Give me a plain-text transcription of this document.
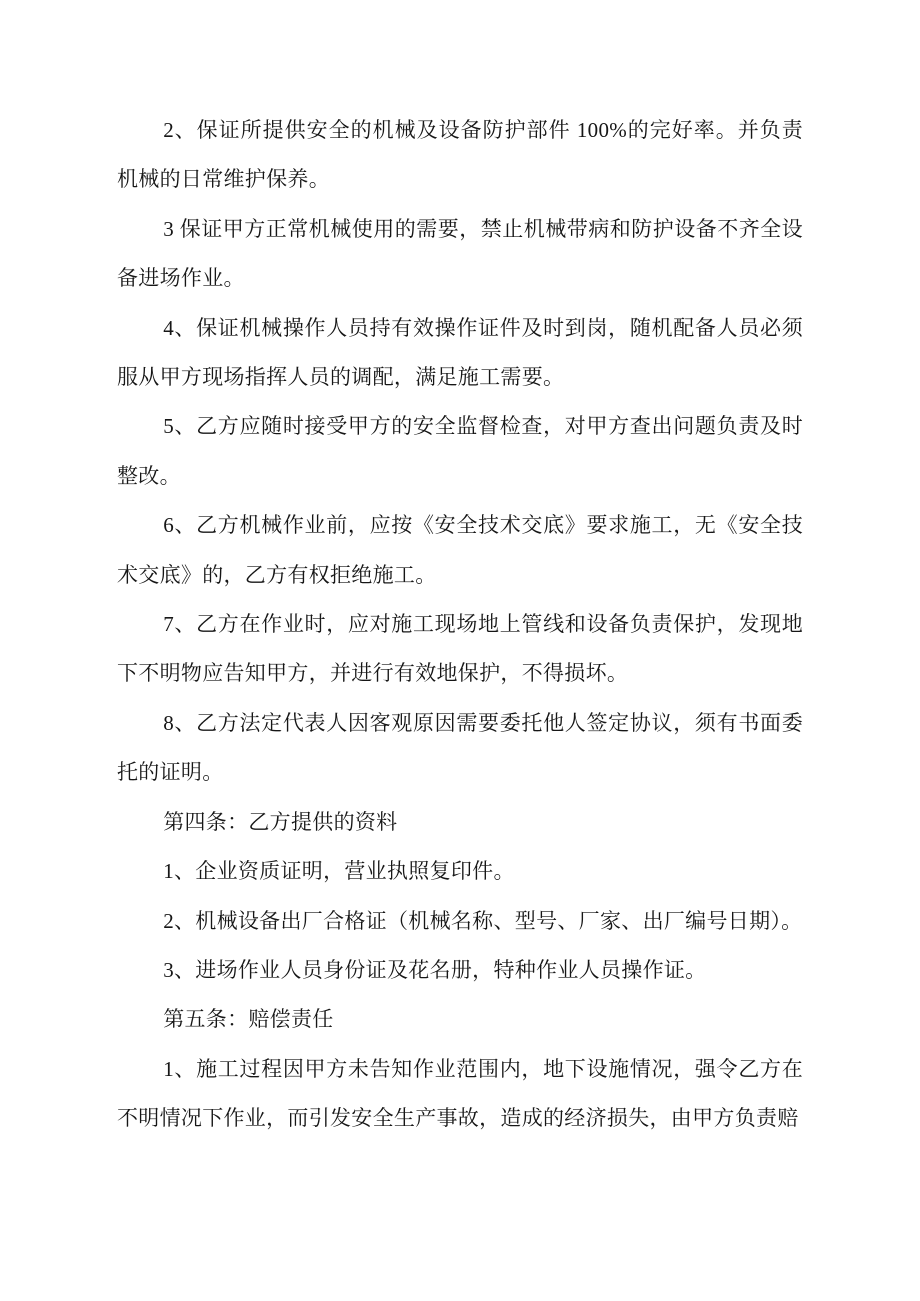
2、保证所提供安全的机械及设备防护部件 100%的完好率。并负责机械的日常维护保养。

3 保证甲方正常机械使用的需要，禁止机械带病和防护设备不齐全设备进场作业。

4、保证机械操作人员持有效操作证件及时到岗，随机配备人员必须服从甲方现场指挥人员的调配，满足施工需要。

5、乙方应随时接受甲方的安全监督检查，对甲方查出问题负责及时整改。

6、乙方机械作业前，应按《安全技术交底》要求施工，无《安全技术交底》的，乙方有权拒绝施工。

7、乙方在作业时，应对施工现场地上管线和设备负责保护，发现地下不明物应告知甲方，并进行有效地保护，不得损坏。

8、乙方法定代表人因客观原因需要委托他人签定协议，须有书面委托的证明。

第四条：乙方提供的资料

1、企业资质证明，营业执照复印件。

2、机械设备出厂合格证（机械名称、型号、厂家、出厂编号日期）。

3、进场作业人员身份证及花名册，特种作业人员操作证。

第五条：赔偿责任

1、施工过程因甲方未告知作业范围内，地下设施情况，强令乙方在不明情况下作业，而引发安全生产事故，造成的经济损失，由甲方负责赔
